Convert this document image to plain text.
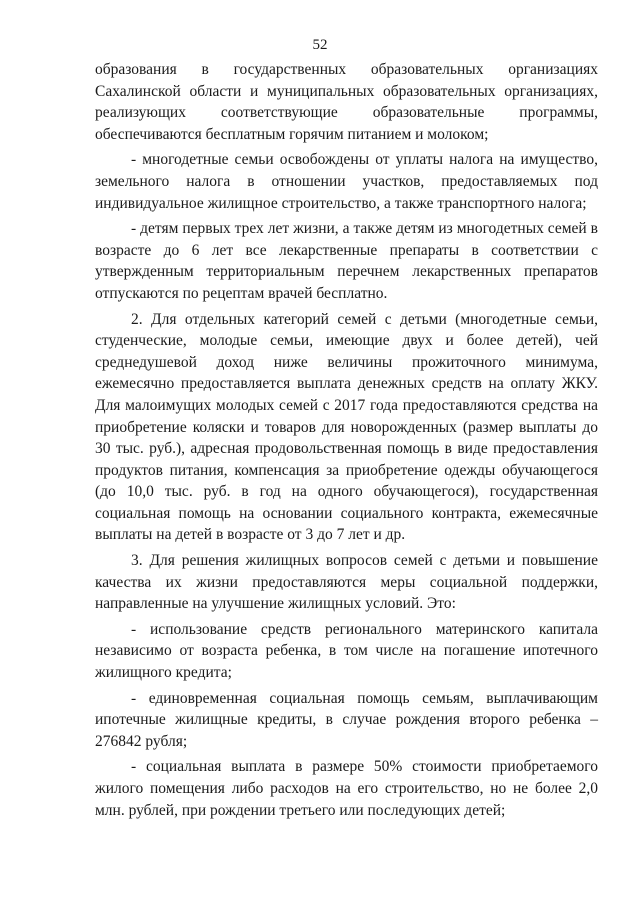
52

образования в государственных образовательных организациях Сахалинской области и муниципальных образовательных организациях, реализующих соответствующие образовательные программы, обеспечиваются бесплатным горячим питанием и молоком;

- многодетные семьи освобождены от уплаты налога на имущество, земельного налога в отношении участков, предоставляемых под индивидуальное жилищное строительство, а также транспортного налога;

- детям первых трех лет жизни, а также детям из многодетных семей в возрасте до 6 лет все лекарственные препараты в соответствии с утвержденным территориальным перечнем лекарственных препаратов отпускаются по рецептам врачей бесплатно.

2. Для отдельных категорий семей с детьми (многодетные семьи, студенческие, молодые семьи, имеющие двух и более детей), чей среднедушевой доход ниже величины прожиточного минимума, ежемесячно предоставляется выплата денежных средств на оплату ЖКУ. Для малоимущих молодых семей с 2017 года предоставляются средства на приобретение коляски и товаров для новорожденных (размер выплаты до 30 тыс. руб.), адресная продовольственная помощь в виде предоставления продуктов питания, компенсация за приобретение одежды обучающегося (до 10,0 тыс. руб. в год на одного обучающегося), государственная социальная помощь на основании социального контракта, ежемесячные выплаты на детей в возрасте от 3 до 7 лет и др.

3. Для решения жилищных вопросов семей с детьми и повышение качества их жизни предоставляются меры социальной поддержки, направленные на улучшение жилищных условий. Это:

- использование средств регионального материнского капитала независимо от возраста ребенка, в том числе на погашение ипотечного жилищного кредита;

- единовременная социальная помощь семьям, выплачивающим ипотечные жилищные кредиты, в случае рождения второго ребенка – 276842 рубля;

- социальная выплата в размере 50% стоимости приобретаемого жилого помещения либо расходов на его строительство, но не более 2,0 млн. рублей, при рождении третьего или последующих детей;
